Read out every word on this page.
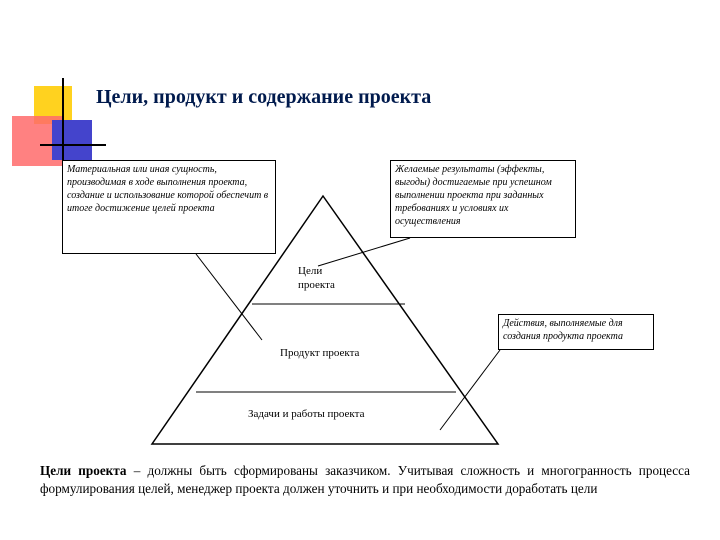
Цели, продукт и содержание проекта
Материальная или иная сущность, производимая в ходе выполнения проекта, создание и использование которой обеспечит в итоге достижение целей проекта
Желаемые результаты (эффекты, выгоды) достигаемые при успешном выполнении проекта при заданных требованиях и условиях их осуществления
Действия, выполняемые для создания продукта проекта
Цели
проекта
Продукт проекта
Задачи и работы проекта
Цели проекта – должны быть сформированы заказчиком. Учитывая сложность и многогранность процесса формулирования целей, менеджер проекта должен уточнить и при необходимости доработать цели
